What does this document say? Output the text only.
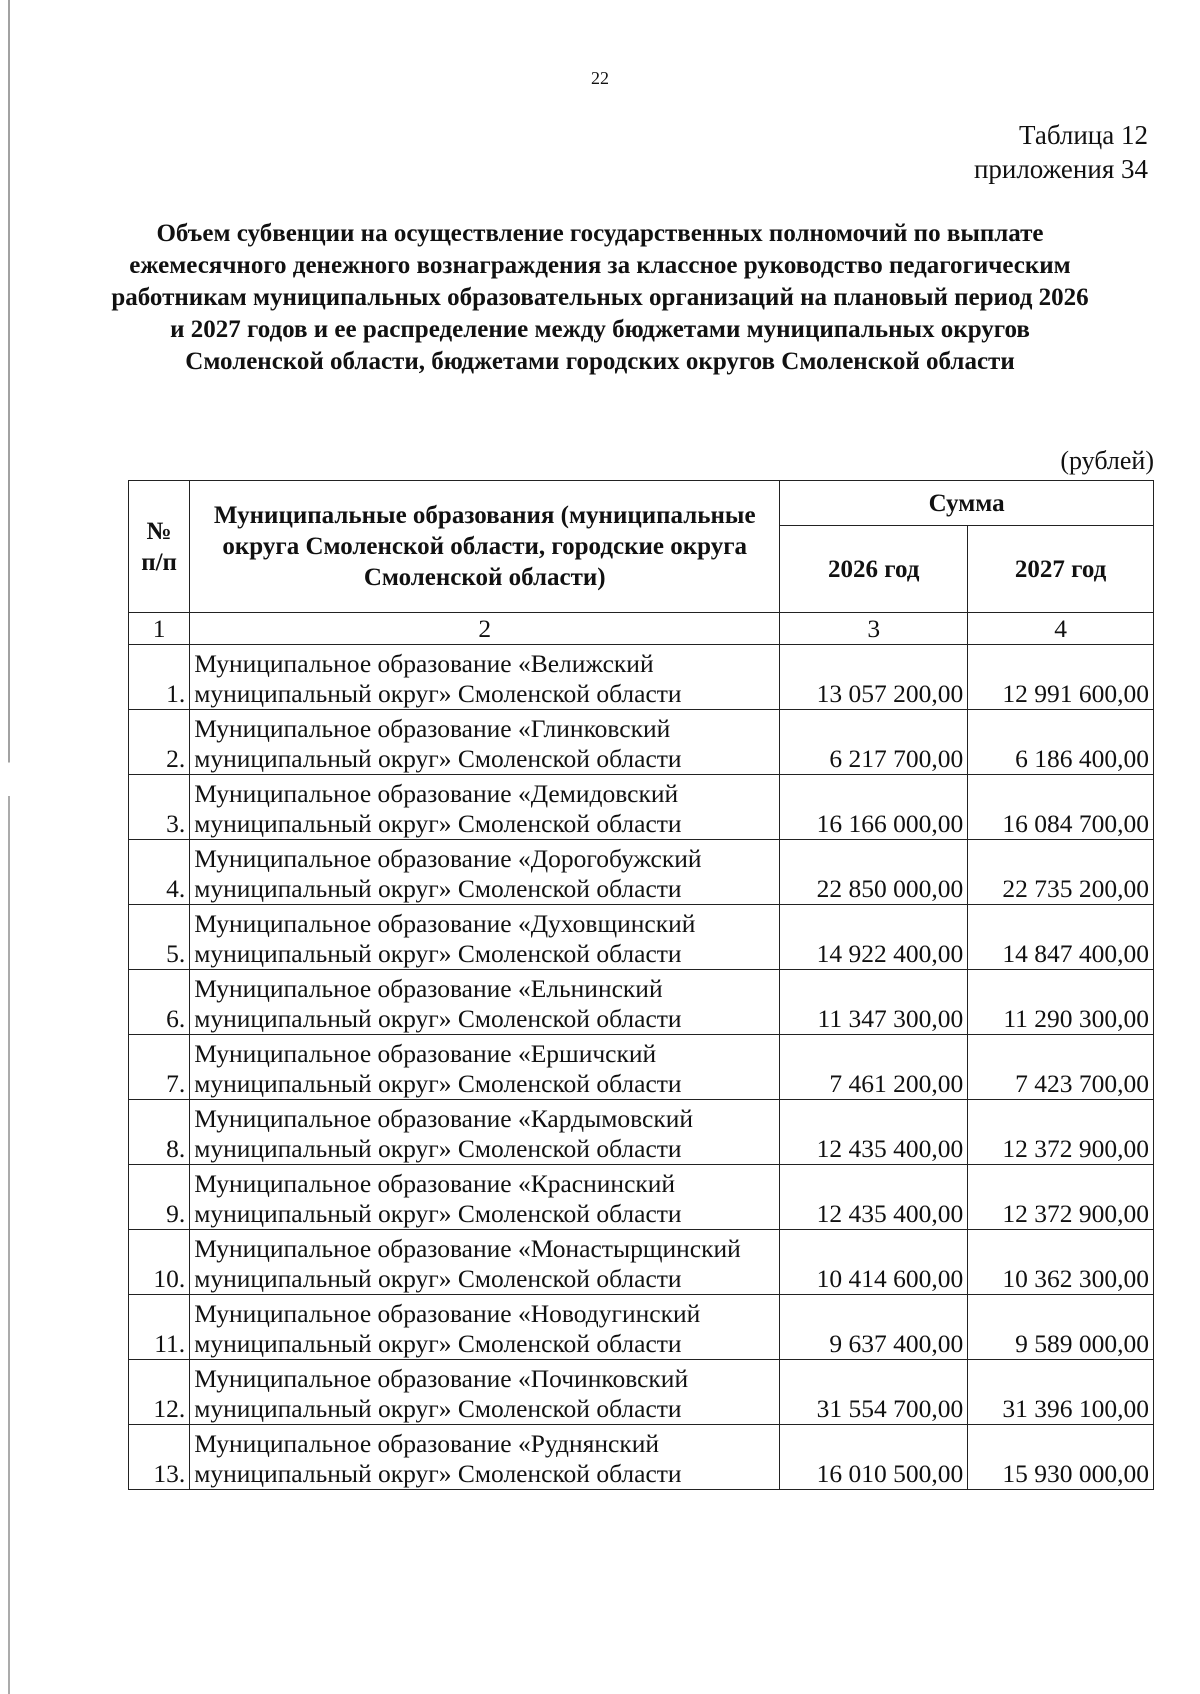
22
Таблица 12
приложения 34
Объем субвенции на осуществление государственных полномочий по выплате ежемесячного денежного вознаграждения за классное руководство педагогическим работникам муниципальных образовательных организаций на плановый период 2026 и 2027 годов и ее распределение между бюджетами муниципальных округов Смоленской области, бюджетами городских округов Смоленской области
(рублей)
№ п/п	Муниципальные образования (муниципальные округа Смоленской области, городские округа Смоленской области)	Сумма	
		2026 год	2027 год
1	2	3	4
1.	Муниципальное образование «Велижский муниципальный округ» Смоленской области	13 057 200,00	12 991 600,00
2.	Муниципальное образование «Глинковский муниципальный округ» Смоленской области	6 217 700,00	6 186 400,00
3.	Муниципальное образование «Демидовский муниципальный округ» Смоленской области	16 166 000,00	16 084 700,00
4.	Муниципальное образование «Дорогобужский муниципальный округ» Смоленской области	22 850 000,00	22 735 200,00
5.	Муниципальное образование «Духовщинский муниципальный округ» Смоленской области	14 922 400,00	14 847 400,00
6.	Муниципальное образование «Ельнинский муниципальный округ» Смоленской области	11 347 300,00	11 290 300,00
7.	Муниципальное образование «Ершичский муниципальный округ» Смоленской области	7 461 200,00	7 423 700,00
8.	Муниципальное образование «Кардымовский муниципальный округ» Смоленской области	12 435 400,00	12 372 900,00
9.	Муниципальное образование «Краснинский муниципальный округ» Смоленской области	12 435 400,00	12 372 900,00
10.	Муниципальное образование «Монастырщинский муниципальный округ» Смоленской области	10 414 600,00	10 362 300,00
11.	Муниципальное образование «Новодугинский муниципальный округ» Смоленской области	9 637 400,00	9 589 000,00
12.	Муниципальное образование «Починковский муниципальный округ» Смоленской области	31 554 700,00	31 396 100,00
13.	Муниципальное образование «Руднянский муниципальный округ» Смоленской области	16 010 500,00	15 930 000,00
